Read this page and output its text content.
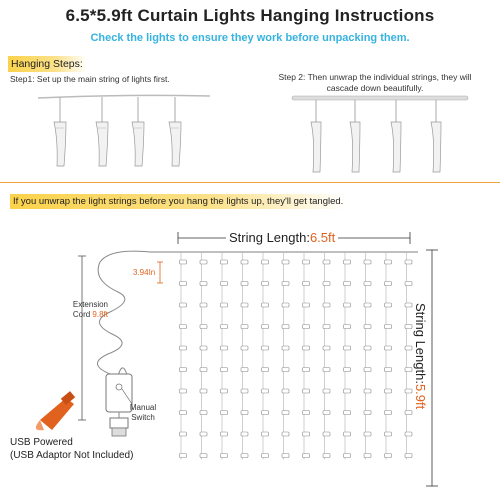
6.5*5.9ft Curtain Lights Hanging Instructions
Check the lights to ensure they work before unpacking them.
Hanging Steps:
Step1: Set up the main string of lights first.	Step 2: Then unwrap the individual strings, they will cascade down beautifully.
If you unwrap the light strings before you hang the lights up, they'll get tangled.
String Length:6.5ft
String Length:5.9ft
3.94In
Extension Cord 9.8ft
Manual Switch
USB Powered
(USB Adaptor Not Included)
